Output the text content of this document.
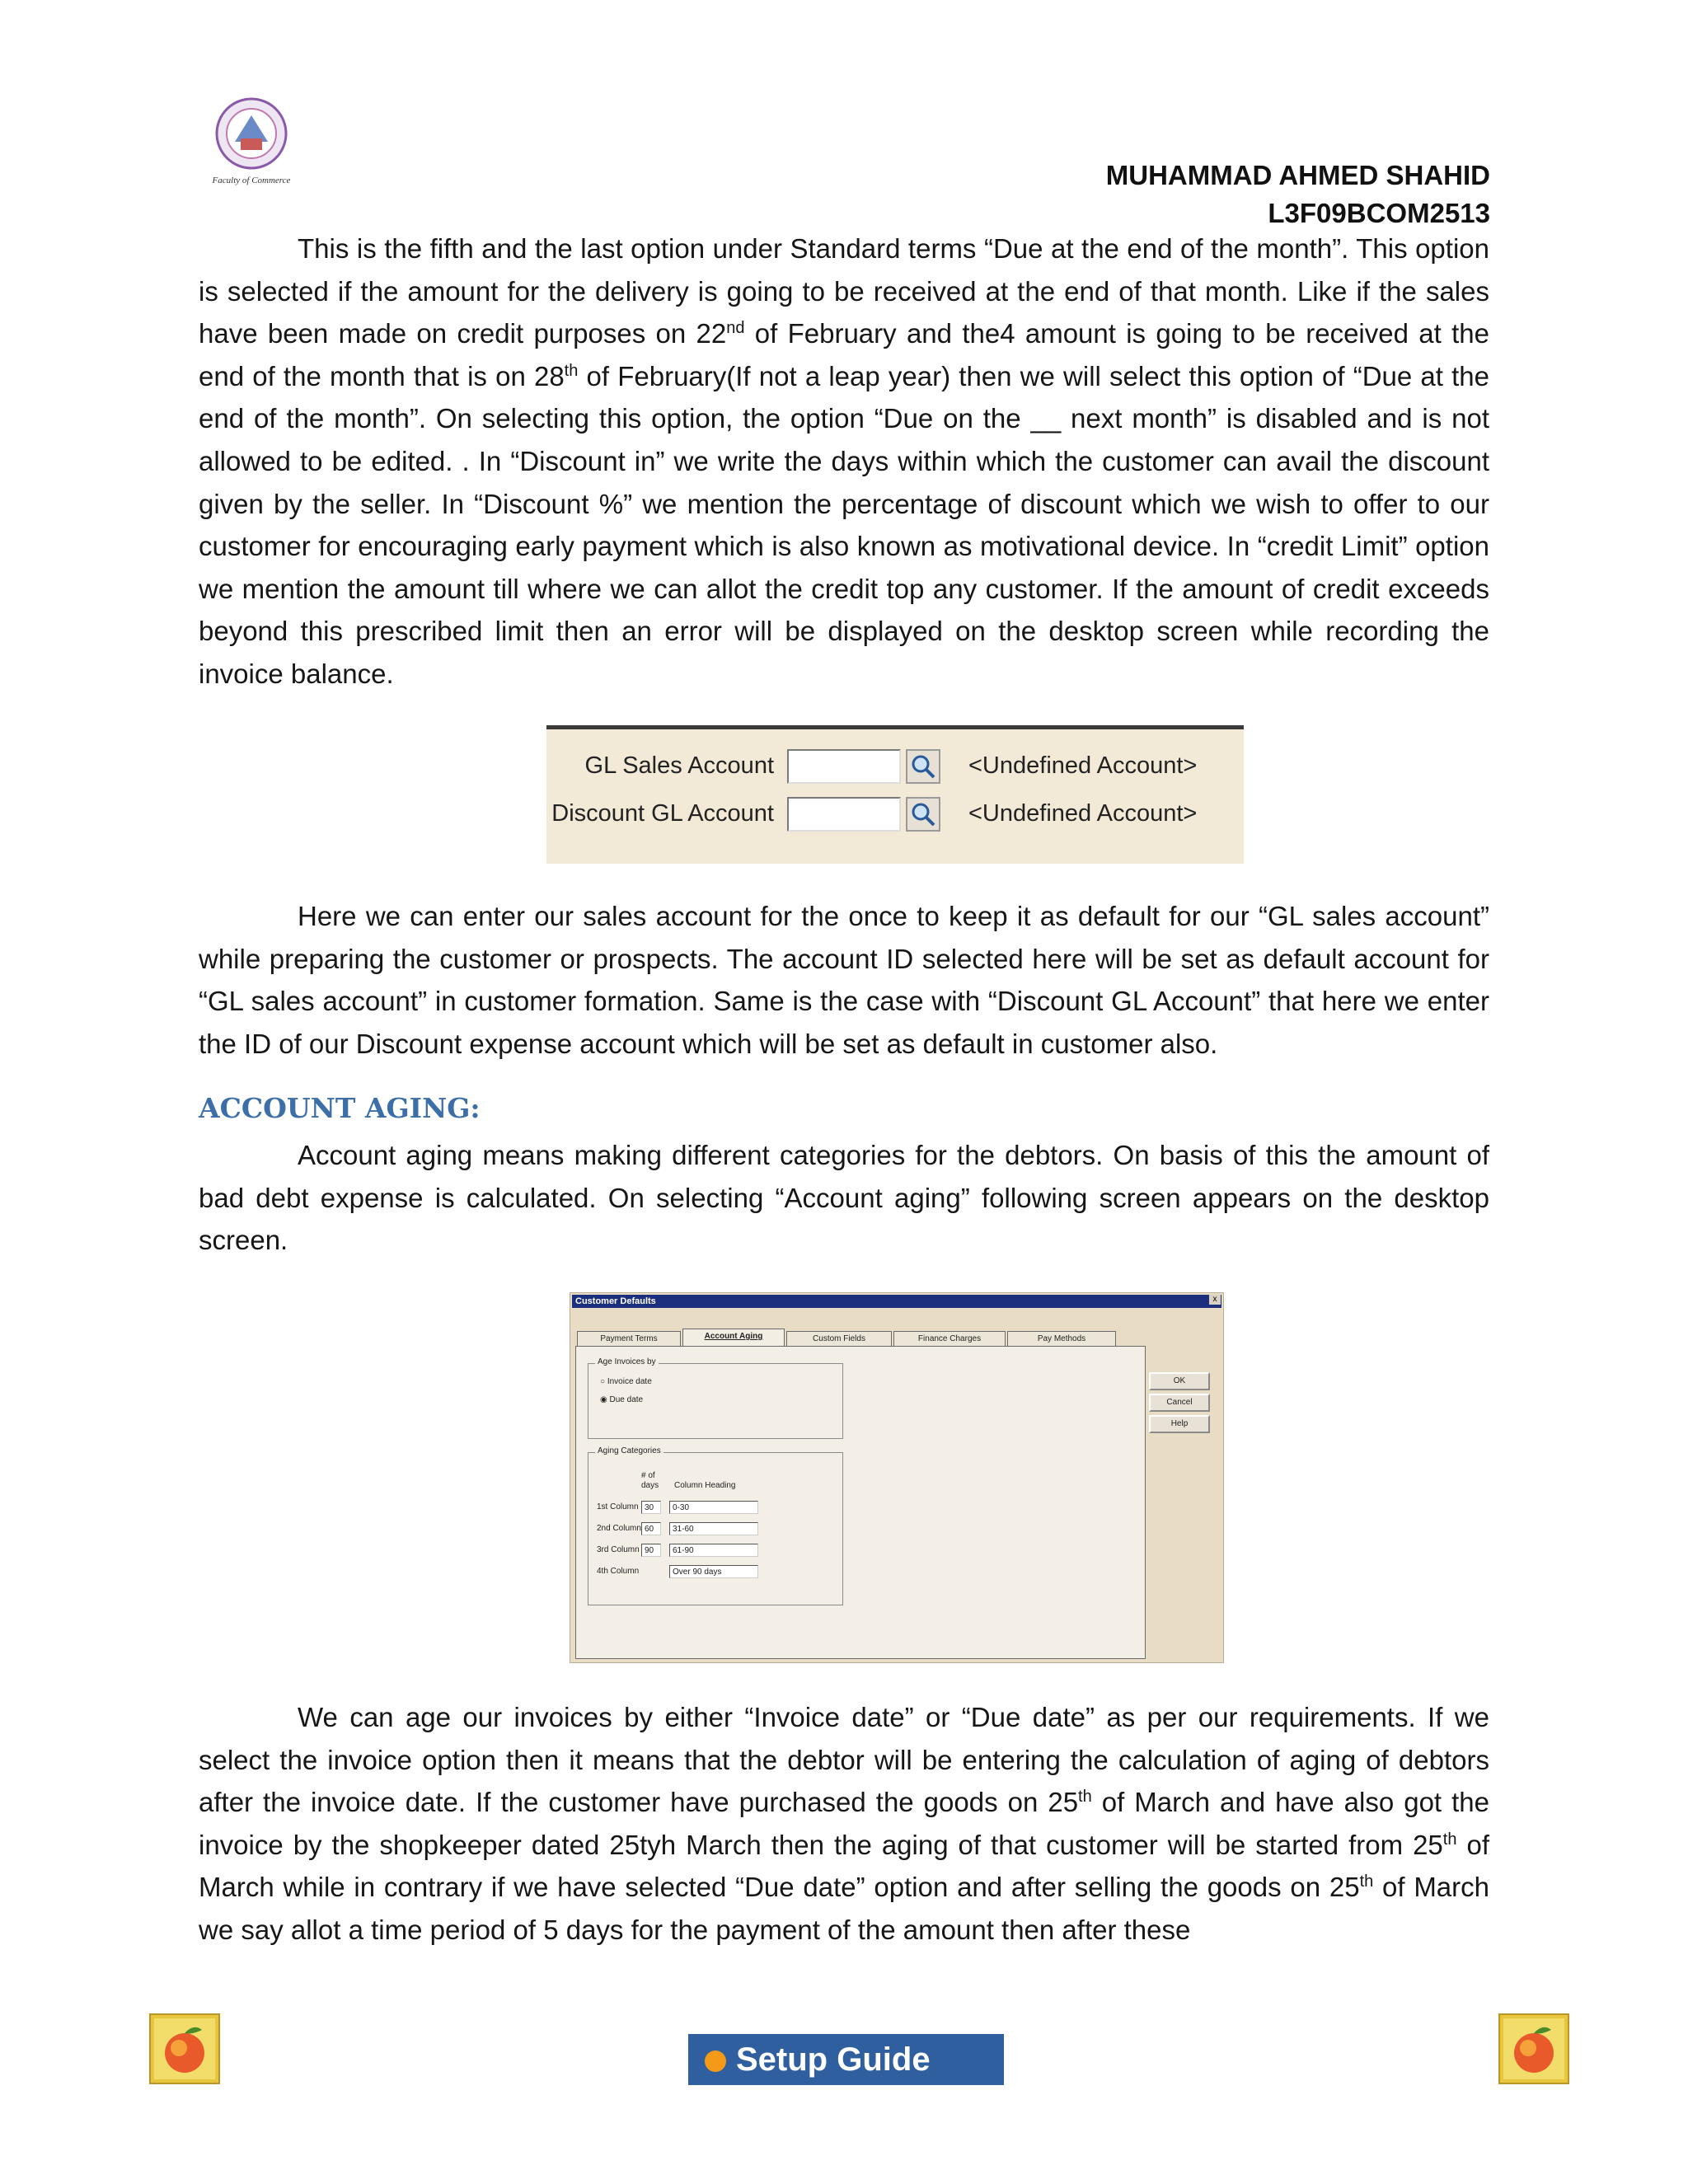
Faculty of Commerce	MUHAMMAD AHMED SHAHID
L3F09BCOM2513
This is the fifth and the last option under Standard terms “Due at the end of the month”. This option is selected if the amount for the delivery is going to be received at the end of that month. Like if the sales have been made on credit purposes on 22nd of February and the4 amount is going to be received at the end of the month that is on 28th of February(If not a leap year) then we will select this option of “Due at the end of the month”. On selecting this option, the option “Due on the __ next month” is disabled and is not allowed to be edited. . In “Discount in” we write the days within which the customer can avail the discount given by the seller. In “Discount %” we mention the percentage of discount which we wish to offer to our customer for encouraging early payment which is also known as motivational device. In “credit Limit” option we mention the amount till where we can allot the credit top any customer. If the amount of credit exceeds beyond this prescribed limit then an error will be displayed on the desktop screen while recording the invoice balance.
GL Sales Account	<Undefined Account>
Discount GL Account	<Undefined Account>
Here we can enter our sales account for the once to keep it as default for our “GL sales account” while preparing the customer or prospects. The account ID selected here will be set as default account for “GL sales account” in customer formation. Same is the case with “Discount GL Account” that here we enter the ID of our Discount expense account which will be set as default in customer also.
ACCOUNT AGING:
Account aging means making different categories for the debtors. On basis of this the amount of bad debt expense is calculated. On selecting “Account aging” following screen appears on the desktop screen.
Customer Defaults	x
Payment Terms	Account Aging	Custom Fields	Finance Charges	Pay Methods
Age Invoices by
○ Invoice date
◉ Due date
Aging Categories
# of days	Column Heading
1st Column 30	0-30
2nd Column 60	31-60
3rd Column 90	61-90
4th Column	Over 90 days
OK
Cancel
Help
We can age our invoices by either “Invoice date” or “Due date” as per our requirements. If we select the invoice option then it means that the debtor will be entering the calculation of aging of debtors after the invoice date. If the customer have purchased the goods on 25th of March and have also got the invoice by the shopkeeper dated 25tyh March then the aging of that customer will be started from 25th of March while in contrary if we have selected “Due date” option and after selling the goods on 25th of March we say allot a time period of 5 days for the payment of the amount then after these
Setup Guide
